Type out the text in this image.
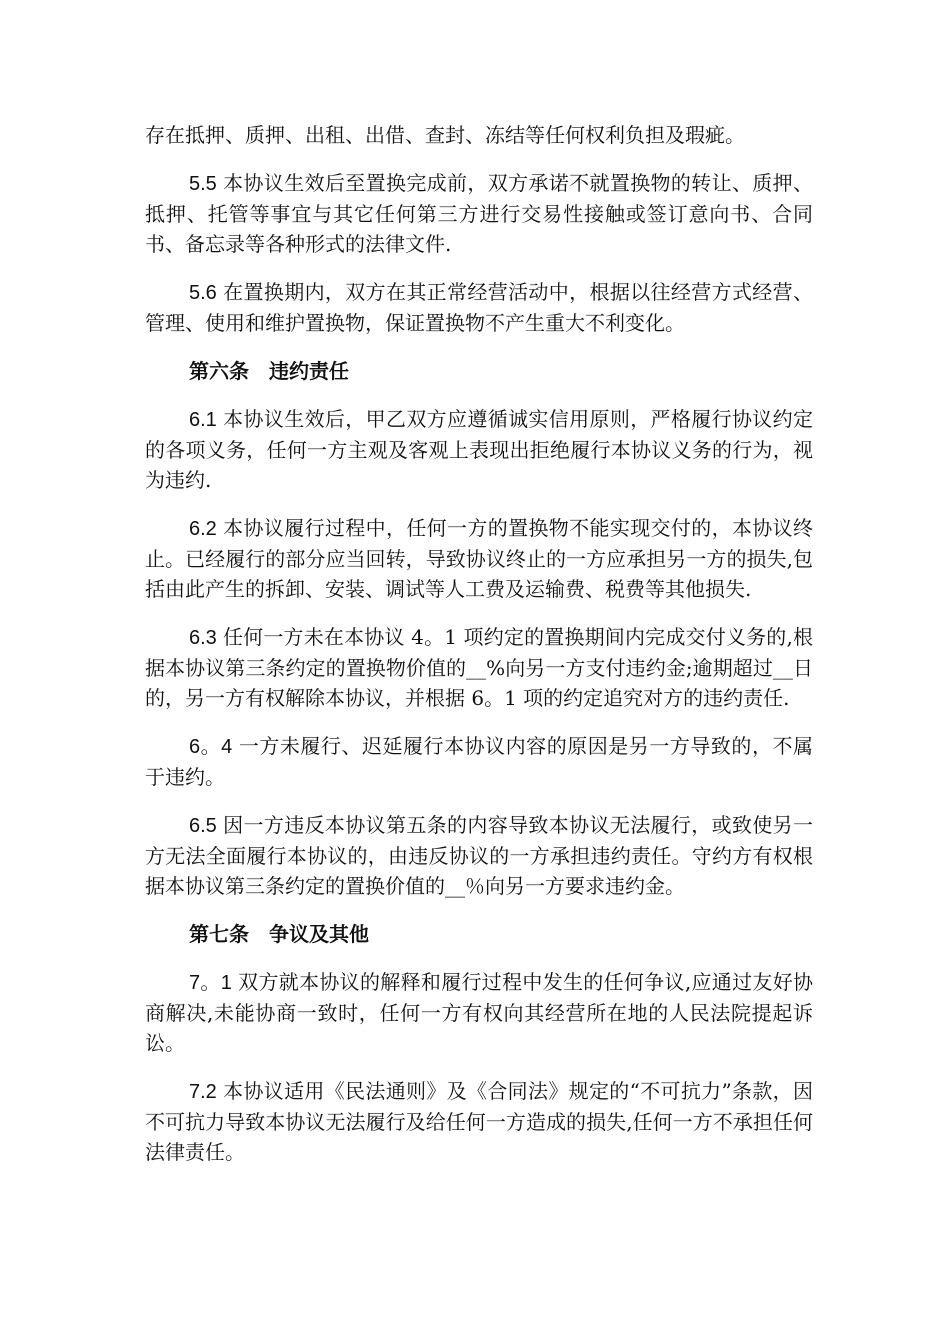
存在抵押、质押、出租、出借、查封、冻结等任何权利负担及瑕疵。

5.5 本协议生效后至置换完成前，双方承诺不就置换物的转让、质押、抵押、托管等事宜与其它任何第三方进行交易性接触或签订意向书、合同书、备忘录等各种形式的法律文件.

5.6 在置换期内，双方在其正常经营活动中，根据以往经营方式经营、管理、使用和维护置换物，保证置换物不产生重大不利变化。

第六条　违约责任

6.1 本协议生效后，甲乙双方应遵循诚实信用原则，严格履行协议约定的各项义务，任何一方主观及客观上表现出拒绝履行本协议义务的行为，视为违约.

6.2 本协议履行过程中，任何一方的置换物不能实现交付的，本协议终止。已经履行的部分应当回转，导致协议终止的一方应承担另一方的损失,包括由此产生的拆卸、安装、调试等人工费及运输费、税费等其他损失.

6.3 任何一方未在本协议 4。1 项约定的置换期间内完成交付义务的,根据本协议第三条约定的置换物价值的__%向另一方支付违约金;逾期超过__日的，另一方有权解除本协议，并根据 6。1 项的约定追究对方的违约责任.

6。4 一方未履行、迟延履行本协议内容的原因是另一方导致的，不属于违约。

6.5 因一方违反本协议第五条的内容导致本协议无法履行，或致使另一方无法全面履行本协议的，由违反协议的一方承担违约责任。守约方有权根据本协议第三条约定的置换价值的__％向另一方要求违约金。

第七条　争议及其他

7。1 双方就本协议的解释和履行过程中发生的任何争议,应通过友好协商解决,未能协商一致时，任何一方有权向其经营所在地的人民法院提起诉讼。

7.2 本协议适用《民法通则》及《合同法》规定的“不可抗力”条款，因不可抗力导致本协议无法履行及给任何一方造成的损失,任何一方不承担任何法律责任。
